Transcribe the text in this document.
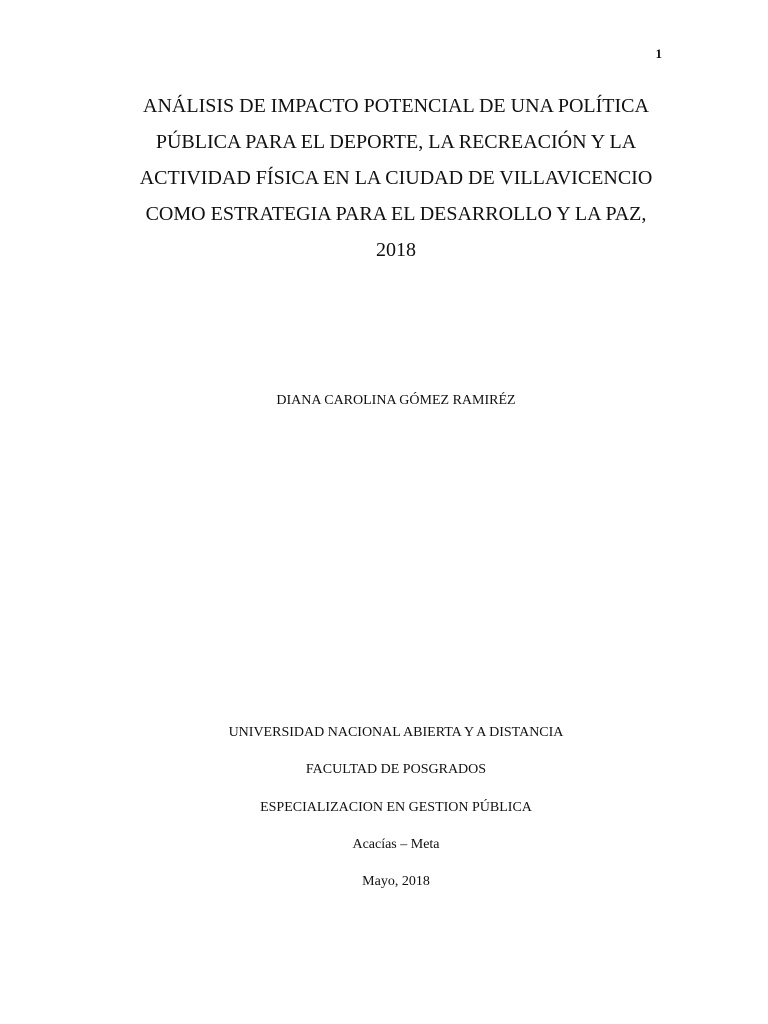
1
ANÁLISIS DE IMPACTO POTENCIAL DE UNA POLÍTICA
PÚBLICA PARA EL DEPORTE, LA RECREACIÓN Y LA
ACTIVIDAD FÍSICA EN LA CIUDAD DE VILLAVICENCIO
COMO ESTRATEGIA PARA EL DESARROLLO Y LA PAZ,
2018
DIANA CAROLINA GÓMEZ RAMIRÉZ
UNIVERSIDAD NACIONAL ABIERTA Y A DISTANCIA
FACULTAD DE POSGRADOS
ESPECIALIZACION EN GESTION PÚBLICA
Acacías – Meta
Mayo, 2018
